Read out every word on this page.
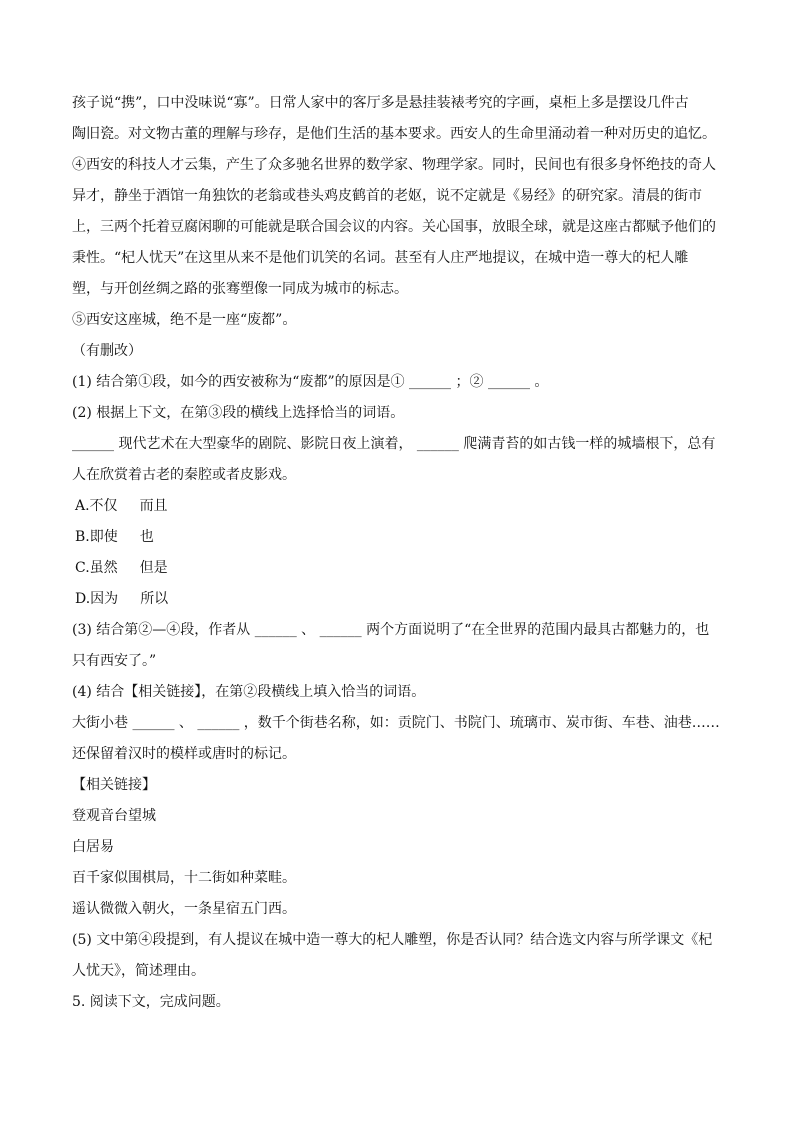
孩子说“携”，口中没味说“寡”。日常人家中的客厅多是悬挂装裱考究的字画，桌柜上多是摆设几件古
陶旧瓷。对文物古董的理解与珍存，是他们生活的基本要求。西安人的生命里涌动着一种对历史的追忆。
④西安的科技人才云集，产生了众多驰名世界的数学家、物理学家。同时，民间也有很多身怀绝技的奇人
异才，静坐于酒馆一角独饮的老翁或巷头鸡皮鹤首的老妪，说不定就是《易经》的研究家。清晨的街市
上，三两个托着豆腐闲聊的可能就是联合国会议的内容。关心国事，放眼全球，就是这座古都赋予他们的
秉性。“杞人忧天”在这里从来不是他们讥笑的名词。甚至有人庄严地提议，在城中造一尊大的杞人雕
塑，与开创丝绸之路的张骞塑像一同成为城市的标志。
⑤西安这座城，绝不是一座“废都”。
（有删改）
(1) 结合第①段，如今的西安被称为“废都”的原因是① ______ ；② ______ 。
(2) 根据上下文，在第③段的横线上选择恰当的词语。
______ 现代艺术在大型豪华的剧院、影院日夜上演着， ______ 爬满青苔的如古钱一样的城墙根下，总有
人在欣赏着古老的秦腔或者皮影戏。
A.不仅 而且
B.即使 也
C.虽然 但是
D.因为 所以
(3) 结合第②—④段，作者从 ______ 、 ______ 两个方面说明了“在全世界的范围内最具古都魅力的，也
只有西安了。”
(4) 结合【相关链接】，在第②段横线上填入恰当的词语。
大街小巷 ______ 、 ______ ，数千个街巷名称，如：贡院门、书院门、琉璃市、炭市街、车巷、油巷……
还保留着汉时的模样或唐时的标记。
【相关链接】
登观音台望城
白居易
百千家似围棋局，十二街如种菜畦。
遥认微微入朝火，一条星宿五门西。
(5) 文中第④段提到，有人提议在城中造一尊大的杞人雕塑，你是否认同？结合选文内容与所学课文《杞
人忧天》，简述理由。
5. 阅读下文，完成问题。
